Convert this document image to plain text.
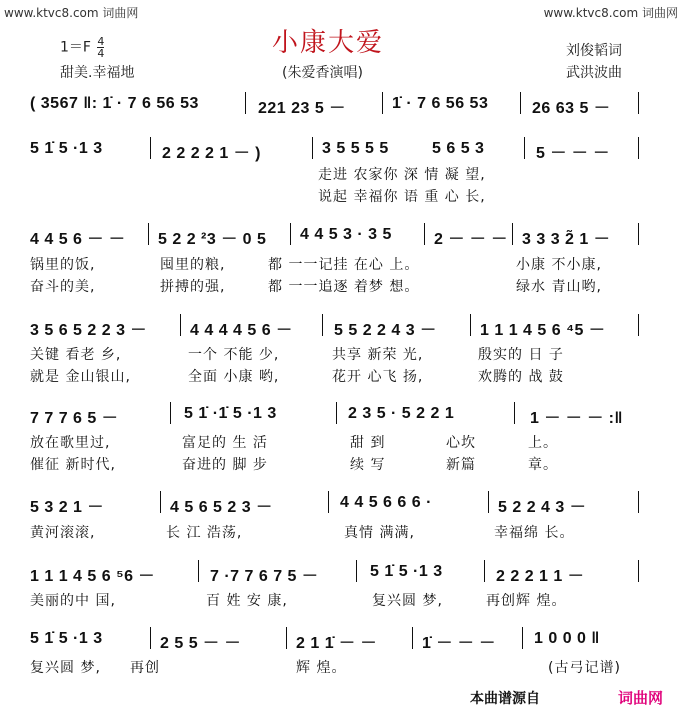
www.ktvc8.com 词曲网	www.ktvc8.com 词曲网
小康大爱
$1=F \frac{4}{4}$
甜美.幸福地	(朱爱香演唱)
刘俊韬词
武洪波曲
( 3567 ‖: 1̇ · 7 6 56 53	221 23 5 －	1̇ · 7 6 56 53	26 63 5 －
5 1̇ 5 ·1 3	2 2 2 2 1 － )	3 5 5 5 5	5 6 5 3	5 － － －
走进 农家你 深 情 凝 望,
说起 幸福你 语 重 心 长,
4 4 5 6 － － 5 2 2 ²3 － 0 5 4 4 5 3 · 3 5	2 － － － 3 3 3 2̃ 1 －
锅里的饭,	囤里的粮,	都 一一记挂 在心 上。	小康 不小康,
奋斗的美,	拼搏的强,	都 一一追逐 着梦 想。	绿水 青山哟,
3 5 6 5 2 2 3 －	4 4 4 4 5 6 －	5 5 2 2 4 3 －	1 1 1 4 5 6 ⁴5 －
关键 看老 乡,	一个 不能 少,	共享 新荣 光,	殷实的 日 子
就是 金山银山,	全面 小康 哟,	花开 心飞 扬,	欢腾的 战 鼓
7 7 7 6 5 －	5 1̇ ·1̇ 5 ·1 3	2 3 5 · 5 2 2 1	1 － － － :‖
放在歌里过,	富足的 生 活	甜 到	心坎	上。
催征 新时代,	奋进的 脚 步	续 写	新篇	章。
5 3 2 1 －	4 5 6 5 2 3 －	4 4 5 6 6 6 ·	5 2 2 4 3 －
黄河滚滚,	长 江 浩荡,	真情 满满,	幸福绵 长。
1 1 1 4 5 6 ⁵6 －	7 ·7 7 6 7 5 －	5 1̇ 5 ·1 3	2 2 2 1 1 －
美丽的中 国,	百 姓 安 康,	复兴圆 梦,	再创辉 煌。
5 1̇ 5 ·1 3	2 5 5 － －	2 1 1̇ － －	1̇ － － － 1 0 0 0 ‖
复兴圆 梦, 再创	辉 煌。	(古弓记谱)
本曲谱源自	词曲网
